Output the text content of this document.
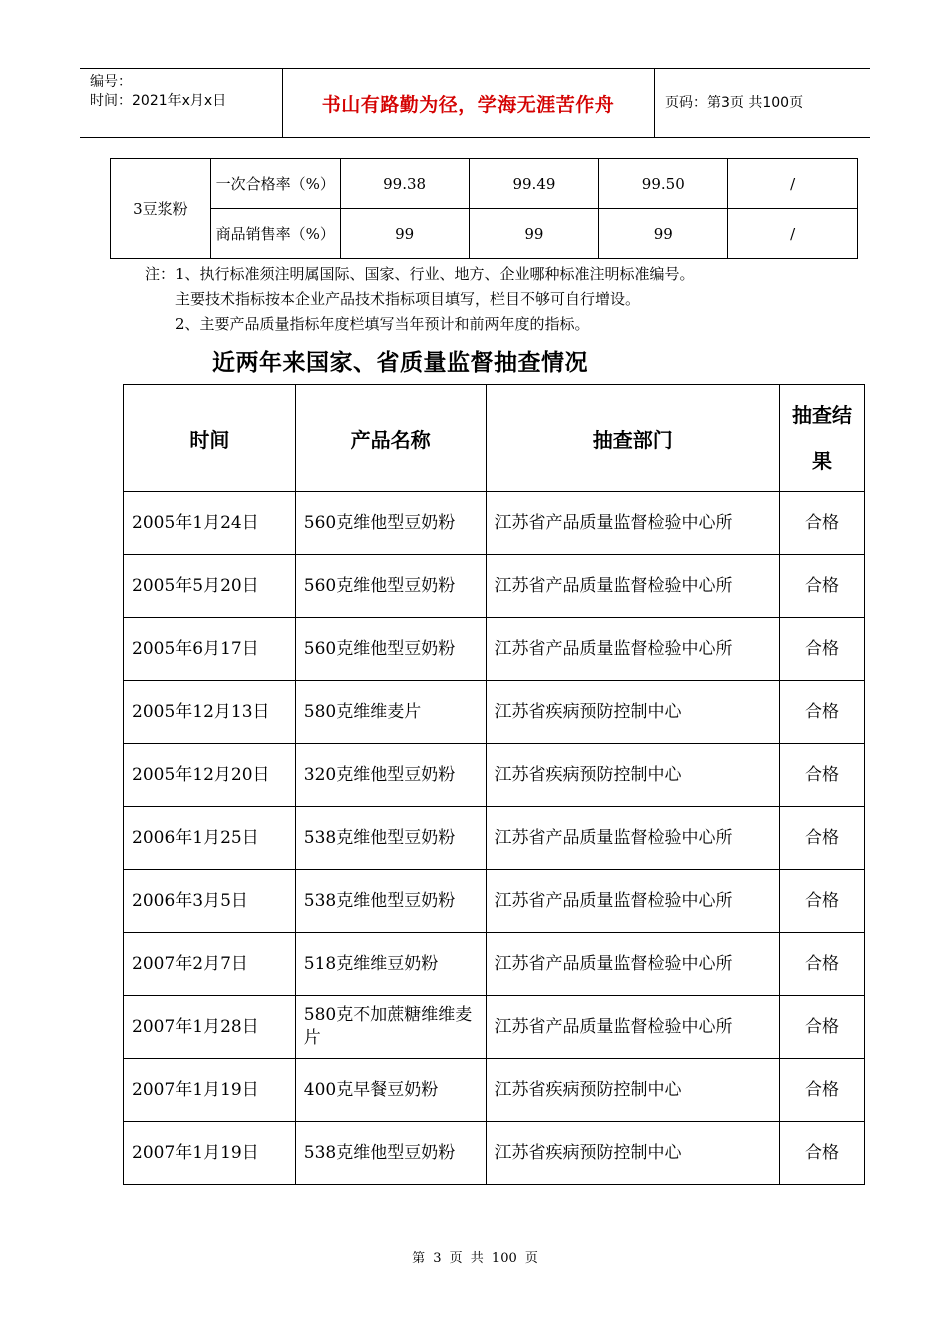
编号：
时间：2021年x月x日	书山有路勤为径，学海无涯苦作舟	页码：第3页 共100页
3豆浆粉	一次合格率（%）	99.38	99.49	99.50	/
	商品销售率（%）	99	99	99	/
注：1、执行标准须注明属国际、国家、行业、地方、企业哪种标准注明标准编号。
主要技术指标按本企业产品技术指标项目填写，栏目不够可自行增设。
2、主要产品质量指标年度栏填写当年预计和前两年度的指标。
近两年来国家、省质量监督抽查情况
时间	产品名称	抽查部门	抽查结果
2005年1月24日	560克维他型豆奶粉	江苏省产品质量监督检验中心所	合格
2005年5月20日	560克维他型豆奶粉	江苏省产品质量监督检验中心所	合格
2005年6月17日	560克维他型豆奶粉	江苏省产品质量监督检验中心所	合格
2005年12月13日	580克维维麦片	江苏省疾病预防控制中心	合格
2005年12月20日	320克维他型豆奶粉	江苏省疾病预防控制中心	合格
2006年1月25日	538克维他型豆奶粉	江苏省产品质量监督检验中心所	合格
2006年3月5日	538克维他型豆奶粉	江苏省产品质量监督检验中心所	合格
2007年2月7日	518克维维豆奶粉	江苏省产品质量监督检验中心所	合格
2007年1月28日	580克不加蔗糖维维麦片	江苏省产品质量监督检验中心所	合格
2007年1月19日	400克早餐豆奶粉	江苏省疾病预防控制中心	合格
2007年1月19日	538克维他型豆奶粉	江苏省疾病预防控制中心	合格
第 3 页 共 100 页
